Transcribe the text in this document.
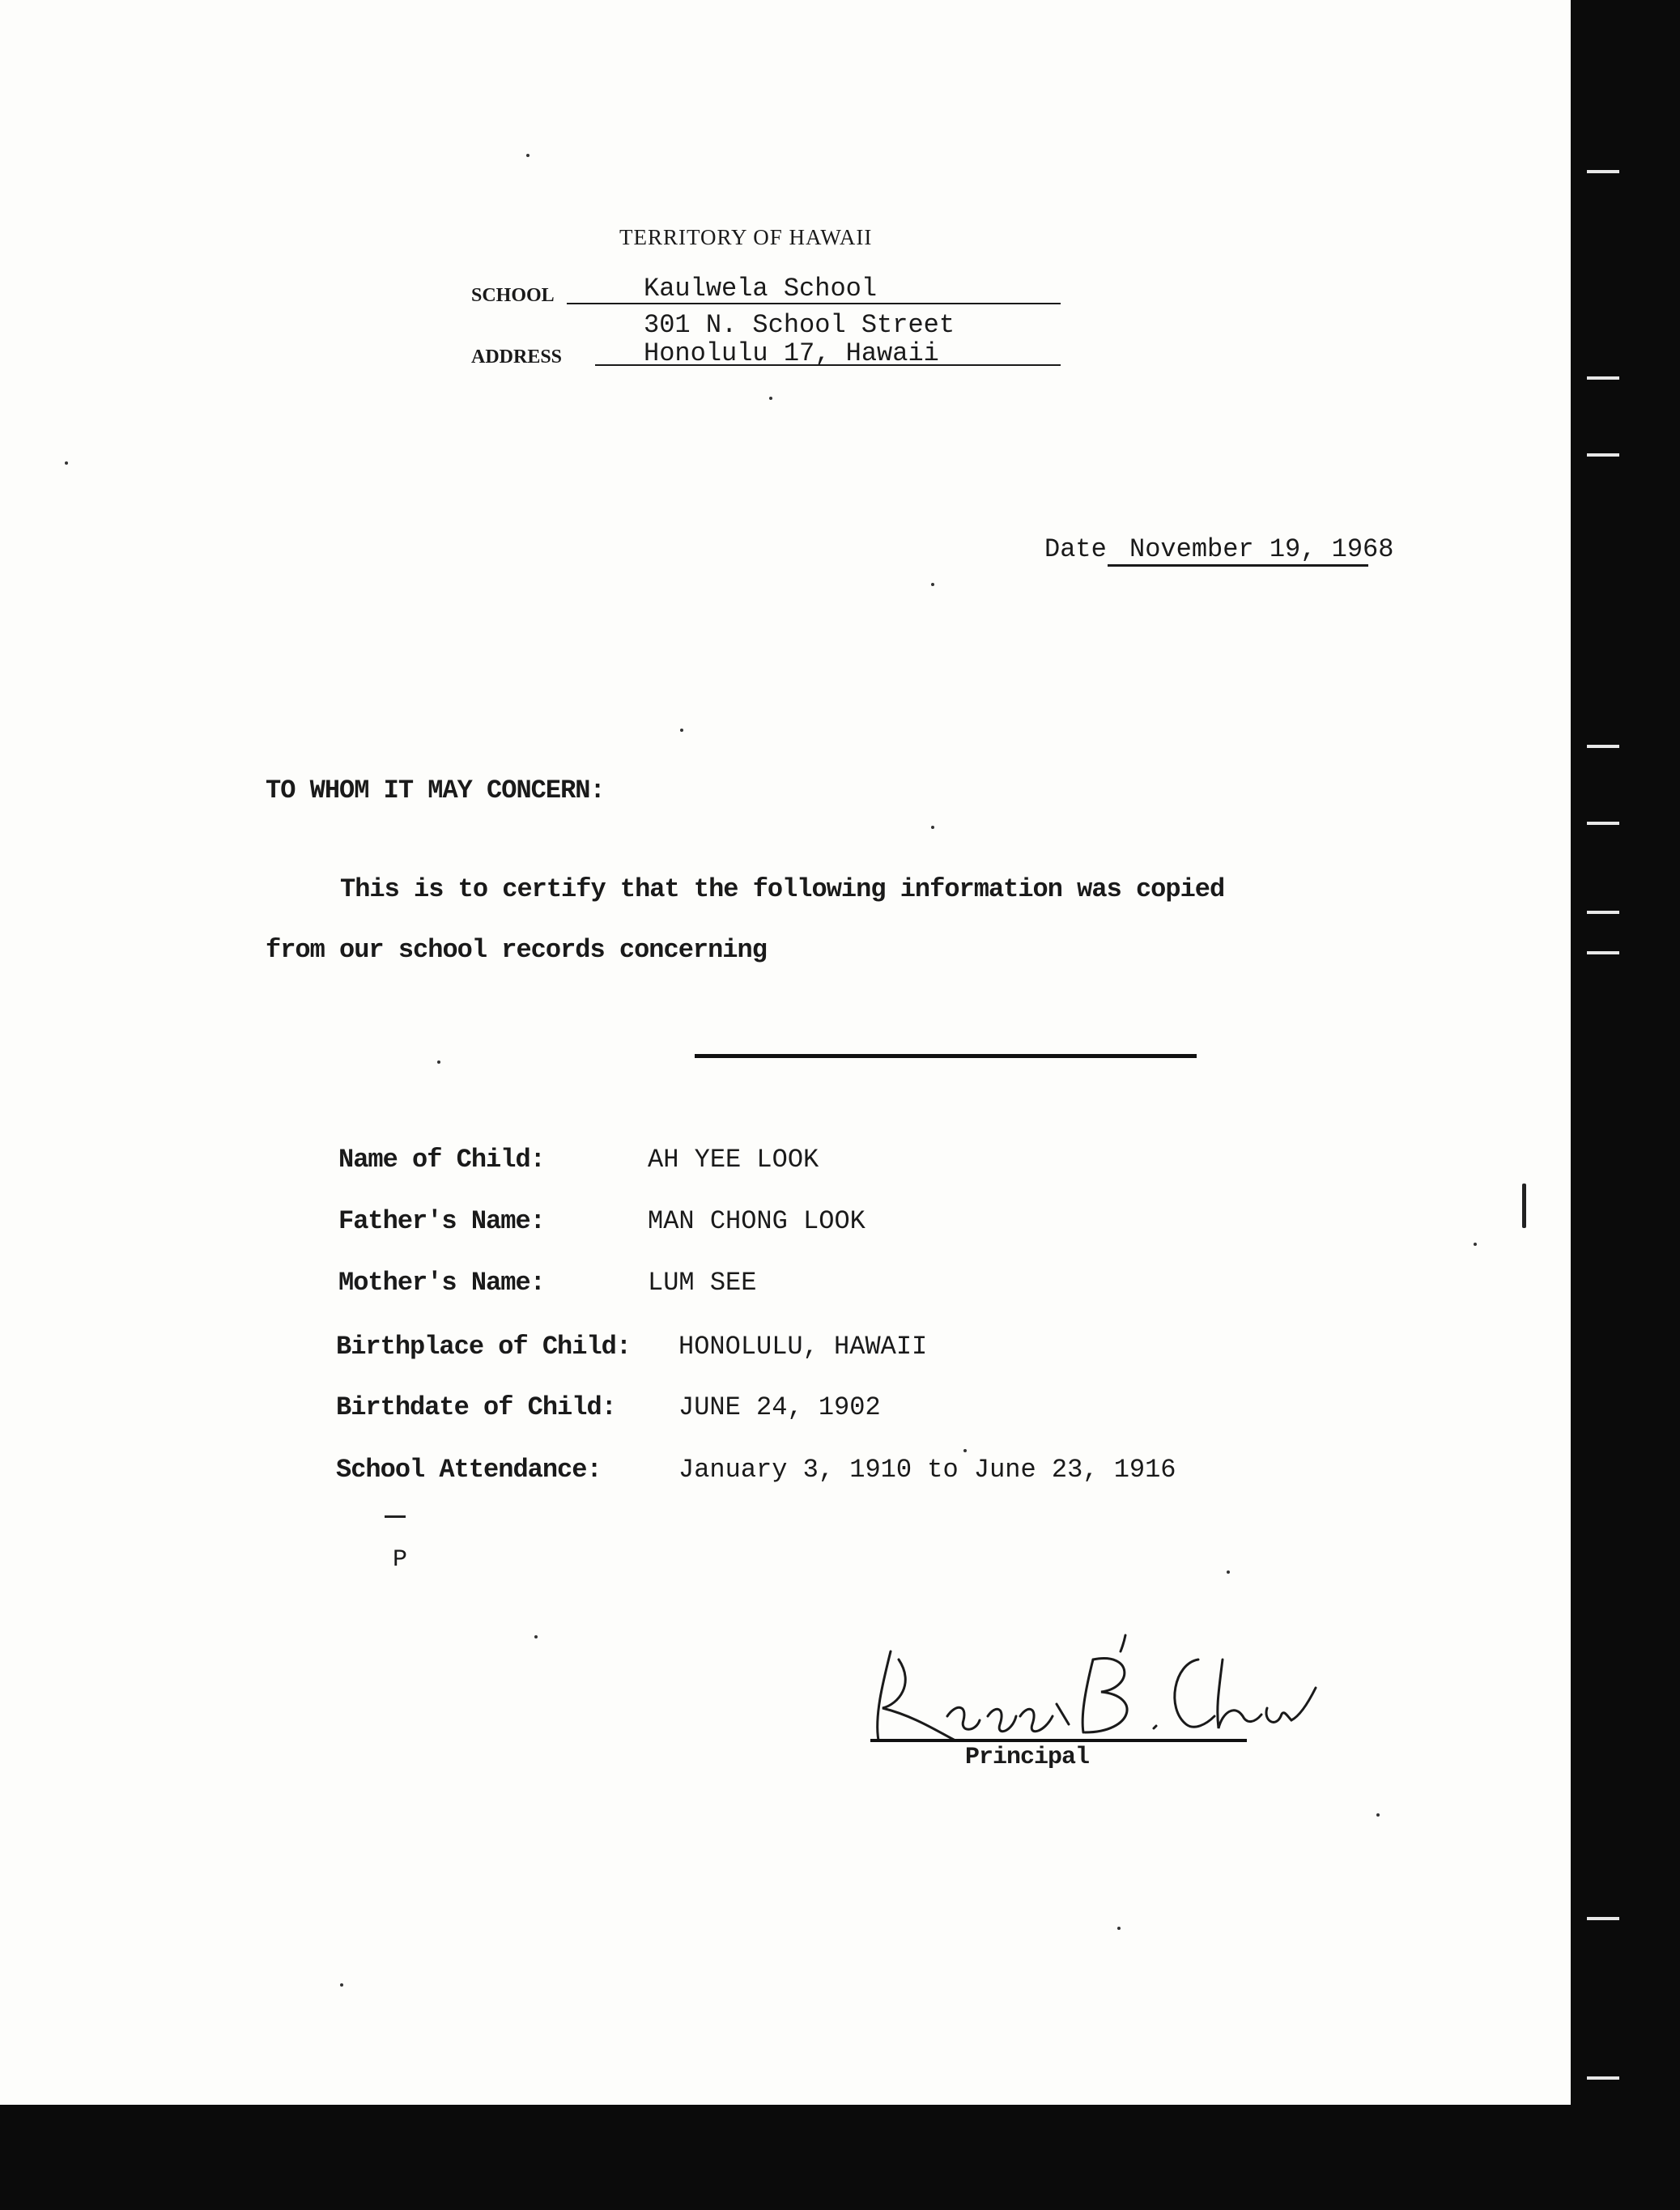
TERRITORY OF HAWAII
SCHOOL	Kaulwela School
301 N. School Street
ADDRESS	Honolulu 17, Hawaii
Date November 19, 1968
TO WHOM IT MAY CONCERN:
This is to certify that the following information was copied
from our school records concerning
Name of Child:	AH YEE LOOK
Father's Name:	MAN CHONG LOOK
Mother's Name:	LUM SEE
Birthplace of Child: HONOLULU, HAWAII
Birthdate of Child: JUNE 24, 1902
School Attendance:	January 3, 1910 to June 23, 1916
P
Principal
